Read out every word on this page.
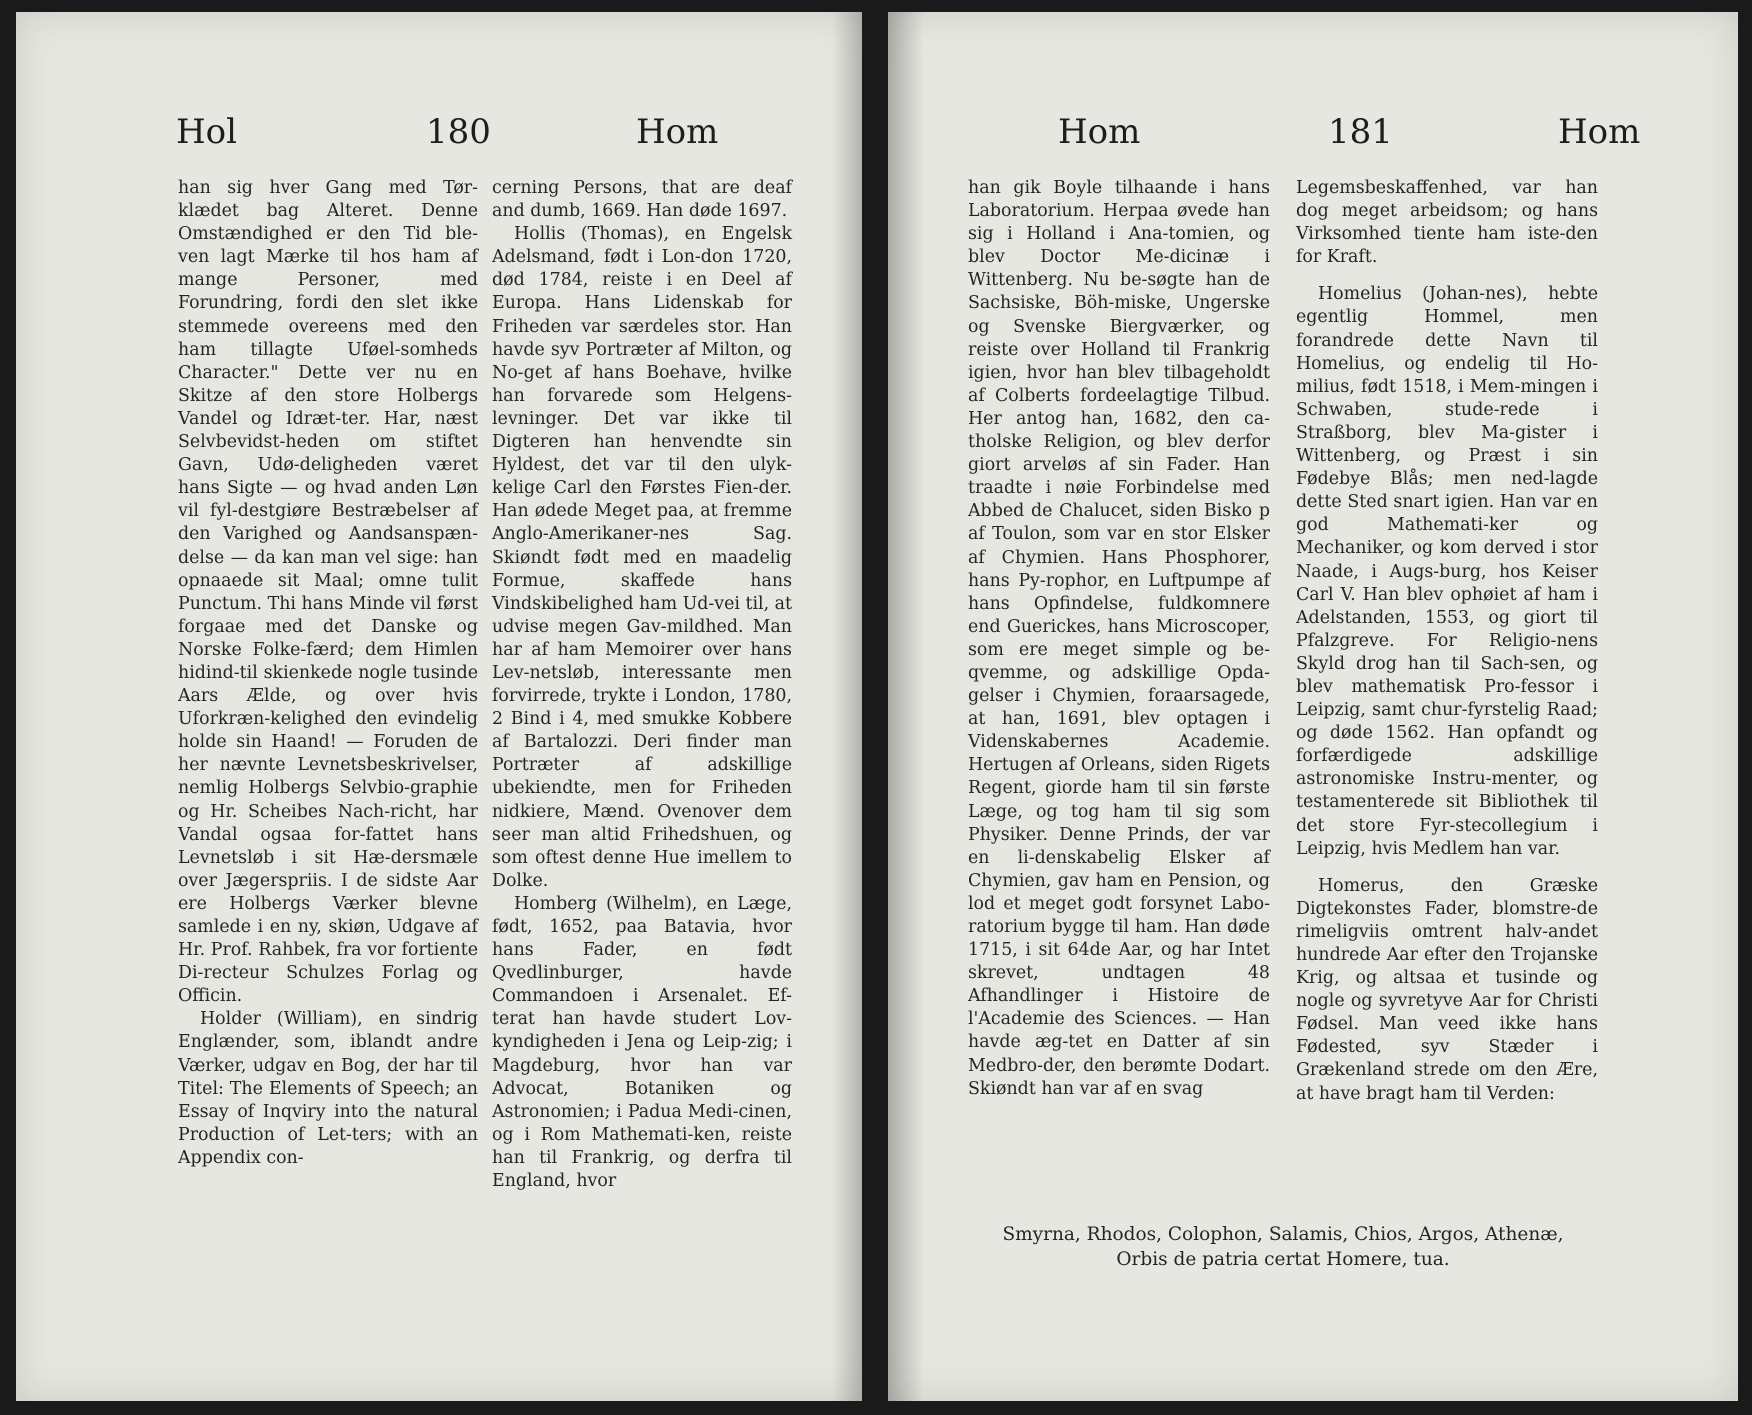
Hol	180	Hom

han sig hver Gang med Tør-klædet bag Alteret. Denne Omstændighed er den Tid ble-ven lagt Mærke til hos ham af mange Personer, med Forundring, fordi den slet ikke stemmede overeens med den ham tillagte Uføel-somheds Character." Dette ver nu en Skitze af den store Holbergs Vandel og Idræt-ter. Har, næst Selvbevidst-heden om stiftet Gavn, Udø-deligheden været hans Sigte — og hvad anden Løn vil fyl-destgiøre Bestræbelser af den Varighed og Aandsanspæn-delse — da kan man vel sige: han opnaaede sit Maal; omne tulit Punctum. Thi hans Minde vil først forgaae med det Danske og Norske Folke-færd; dem Himlen hidind-til skienkede nogle tusinde Aars Ælde, og over hvis Uforkræn-kelighed den evindelig holde sin Haand! — Foruden de her nævnte Levnetsbeskrivelser, nemlig Holbergs Selvbio-graphie og Hr. Scheibes Nach-richt, har Vandal ogsaa for-fattet hans Levnetsløb i sit Hæ-dersmæle over Jægerspriis. I de sidste Aar ere Holbergs Værker blevne samlede i en ny, skiøn, Udgave af Hr. Prof. Rahbek, fra vor fortiente Di-recteur Schulzes Forlag og Officin.

Holder (William), en sindrig Englænder, som, iblandt andre Værker, udgav en Bog, der har til Titel: The Elements of Speech; an Essay of Inqviry into the natural Production of Let-ters; with an Appendix con-

cerning Persons, that are deaf and dumb, 1669. Han døde 1697.

Hollis (Thomas), en Engelsk Adelsmand, født i Lon-don 1720, død 1784, reiste i en Deel af Europa. Hans Lidenskab for Friheden var særdeles stor. Han havde syv Portræter af Milton, og No-get af hans Boehave, hvilke han forvarede som Helgens-levninger. Det var ikke til Digteren han henvendte sin Hyldest, det var til den ulyk-kelige Carl den Førstes Fien-der. Han ødede Meget paa, at fremme Anglo-Amerikaner-nes Sag. Skiøndt født med en maadelig Formue, skaffede hans Vindskibelighed ham Ud-vei til, at udvise megen Gav-mildhed. Man har af ham Memoirer over hans Lev-netsløb, interessante men forvirrede, trykte i London, 1780, 2 Bind i 4, med smukke Kobbere af Bartalozzi. Deri finder man Portræter af adskillige ubekiendte, men for Friheden nidkiere, Mænd. Ovenover dem seer man altid Frihedshuen, og som oftest denne Hue imellem to Dolke.

Homberg (Wilhelm), en Læge, født, 1652, paa Batavia, hvor hans Fader, en født Qvedlinburger, havde Commandoen i Arsenalet. Ef-terat han havde studert Lov-kyndigheden i Jena og Leip-zig; i Magdeburg, hvor han var Advocat, Botaniken og Astronomien; i Padua Medi-cinen, og i Rom Mathemati-ken, reiste han til Frankrig, og derfra til England, hvor

Hom	181	Hom

han gik Boyle tilhaande i hans Laboratorium. Herpaa øvede han sig i Holland i Ana-tomien, og blev Doctor Me-dicinæ i Wittenberg. Nu be-søgte han de Sachsiske, Böh-miske, Ungerske og Svenske Biergværker, og reiste over Holland til Frankrig igien, hvor han blev tilbageholdt af Colberts fordeelagtige Tilbud. Her antog han, 1682, den ca-tholske Religion, og blev derfor giort arveløs af sin Fader. Han traadte i nøie Forbindelse med Abbed de Chalucet, siden Bisko p af Toulon, som var en stor Elsker af Chymien. Hans Phosphorer, hans Py-rophor, en Luftpumpe af hans Opfindelse, fuldkomnere end Guerickes, hans Microscoper, som ere meget simple og be-qvemme, og adskillige Opda-gelser i Chymien, foraarsagede, at han, 1691, blev optagen i Videnskabernes Academie. Hertugen af Orleans, siden Rigets Regent, giorde ham til sin første Læge, og tog ham til sig som Physiker. Denne Prinds, der var en li-denskabelig Elsker af Chymien, gav ham en Pension, og lod et meget godt forsynet Labo-ratorium bygge til ham. Han døde 1715, i sit 64de Aar, og har Intet skrevet, undtagen 48 Afhandlinger i Histoire de l'Academie des Sciences. — Han havde æg-tet en Datter af sin Medbro-der, den berømte Dodart. Skiøndt han var af en svag

Legemsbeskaffenhed, var han dog meget arbeidsom; og hans Virksomhed tiente ham iste-den for Kraft.

Homelius (Johan-nes), hebte egentlig Hommel, men forandrede dette Navn til Homelius, og endelig til Ho-milius, født 1518, i Mem-mingen i Schwaben, stude-rede i Straßborg, blev Ma-gister i Wittenberg, og Præst i sin Fødebye Blås; men ned-lagde dette Sted snart igien. Han var en god Mathemati-ker og Mechaniker, og kom derved i stor Naade, i Augs-burg, hos Keiser Carl V. Han blev ophøiet af ham i Adelstanden, 1553, og giort til Pfalzgreve. For Religio-nens Skyld drog han til Sach-sen, og blev mathematisk Pro-fessor i Leipzig, samt chur-fyrstelig Raad; og døde 1562. Han opfandt og forfærdigede adskillige astronomiske Instru-menter, og testamenterede sit Bibliothek til det store Fyr-stecollegium i Leipzig, hvis Medlem han var.

Homerus, den Græske Digtekonstes Fader, blomstre-de rimeligviis omtrent halv-andet hundrede Aar efter den Trojanske Krig, og altsaa et tusinde og nogle og syvretyve Aar for Christi Fødsel. Man veed ikke hans Fødested, syv Stæder i Grækenland strede om den Ære, at have bragt ham til Verden:

Smyrna, Rhodos, Colophon, Salamis, Chios, Argos, Athenæ,
Orbis de patria certat Homere, tua.
